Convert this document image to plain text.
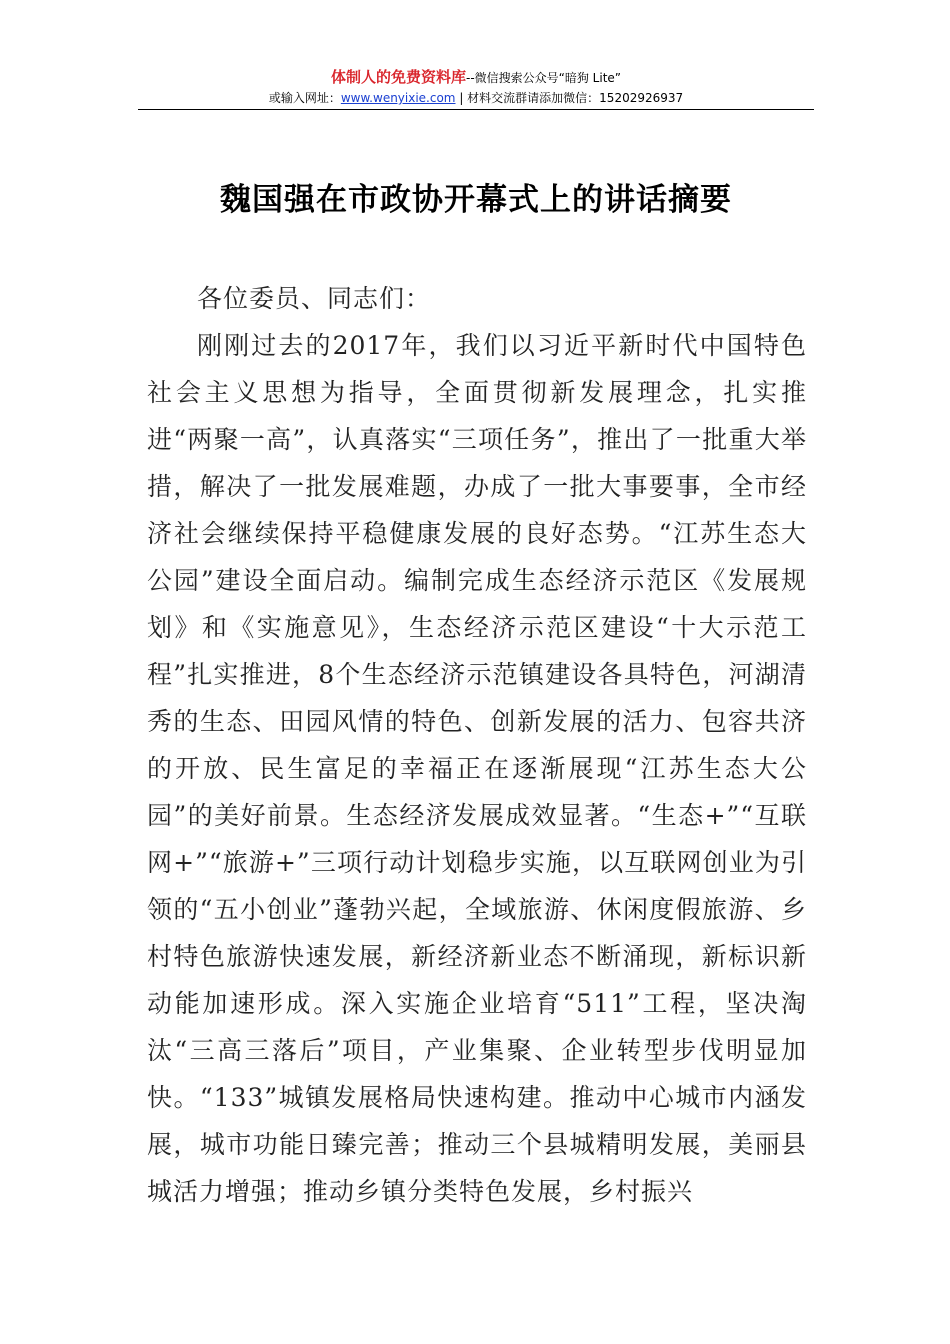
体制人的免费资料库--微信搜索公众号“暗狗 Lite”
或输入网址：www.wenyixie.com | 材料交流群请添加微信：15202926937
魏国强在市政协开幕式上的讲话摘要

各位委员、同志们：

刚刚过去的2017年，我们以习近平新时代中国特色社会主义思想为指导，全面贯彻新发展理念，扎实推进“两聚一高”，认真落实“三项任务”，推出了一批重大举措，解决了一批发展难题，办成了一批大事要事，全市经济社会继续保持平稳健康发展的良好态势。“江苏生态大公园”建设全面启动。编制完成生态经济示范区《发展规划》和《实施意见》，生态经济示范区建设“十大示范工程”扎实推进，8个生态经济示范镇建设各具特色，河湖清秀的生态、田园风情的特色、创新发展的活力、包容共济的开放、民生富足的幸福正在逐渐展现“江苏生态大公园”的美好前景。生态经济发展成效显著。“生态+”“互联网+”“旅游+”三项行动计划稳步实施，以互联网创业为引领的“五小创业”蓬勃兴起，全域旅游、休闲度假旅游、乡村特色旅游快速发展，新经济新业态不断涌现，新标识新动能加速形成。深入实施企业培育“511”工程，坚决淘汰“三高三落后”项目，产业集聚、企业转型步伐明显加快。“133”城镇发展格局快速构建。推动中心城市内涵发展，城市功能日臻完善；推动三个县城精明发展，美丽县城活力增强；推动乡镇分类特色发展，乡村振兴
